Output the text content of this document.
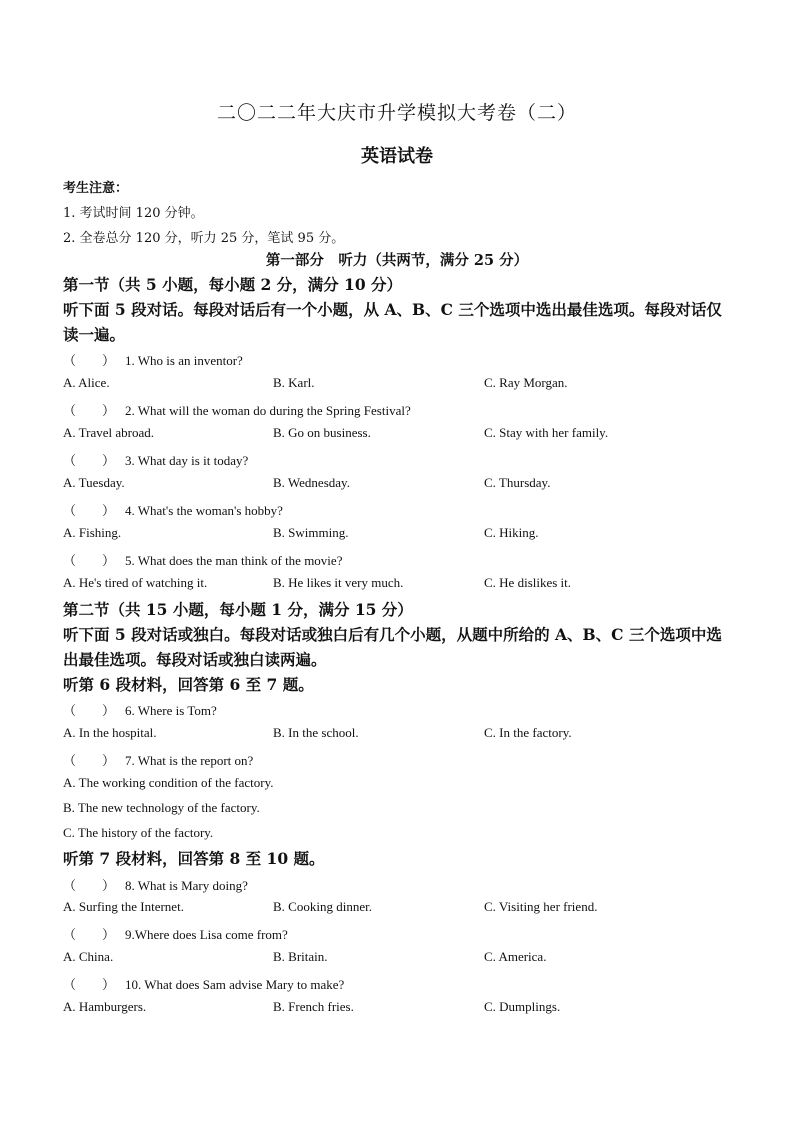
二〇二二年大庆市升学模拟大考卷（二）
英语试卷
考生注意：
1. 考试时间 120 分钟。
2. 全卷总分 120 分，听力 25 分，笔试 95 分。
第一部分　听力（共两节，满分 25 分）
第一节（共 5 小题，每小题 2 分，满分 10 分）
听下面 5 段对话。每段对话后有一个小题，从 A、B、C 三个选项中选出最佳选项。每段对话仅
读一遍。
（　　） 1. Who is an inventor?
A. Alice.	B. Karl.	C. Ray Morgan.
（　　） 2. What will the woman do during the Spring Festival?
A. Travel abroad.	B. Go on business.	C. Stay with her family.
（　　） 3. What day is it today?
A. Tuesday.	B. Wednesday.	C. Thursday.
（　　） 4. What's the woman's hobby?
A. Fishing.	B. Swimming.	C. Hiking.
（　　） 5. What does the man think of the movie?
A. He's tired of watching it.	B. He likes it very much.	C. He dislikes it.
第二节（共 15 小题，每小题 1 分，满分 15 分）
听下面 5 段对话或独白。每段对话或独白后有几个小题，从题中所给的 A、B、C 三个选项中选
出最佳选项。每段对话或独白读两遍。
听第 6 段材料，回答第 6 至 7 题。
（　　） 6. Where is Tom?
A. In the hospital.	B. In the school.	C. In the factory.
（　　） 7. What is the report on?
A. The working condition of the factory.
B. The new technology of the factory.
C. The history of the factory.
听第 7 段材料，回答第 8 至 10 题。
（　　） 8. What is Mary doing?
A. Surfing the Internet.	B. Cooking dinner.	C. Visiting her friend.
（　　） 9.Where does Lisa come from?
A. China.	B. Britain.	C. America.
（　　） 10. What does Sam advise Mary to make?
A. Hamburgers.	B. French fries.	C. Dumplings.
